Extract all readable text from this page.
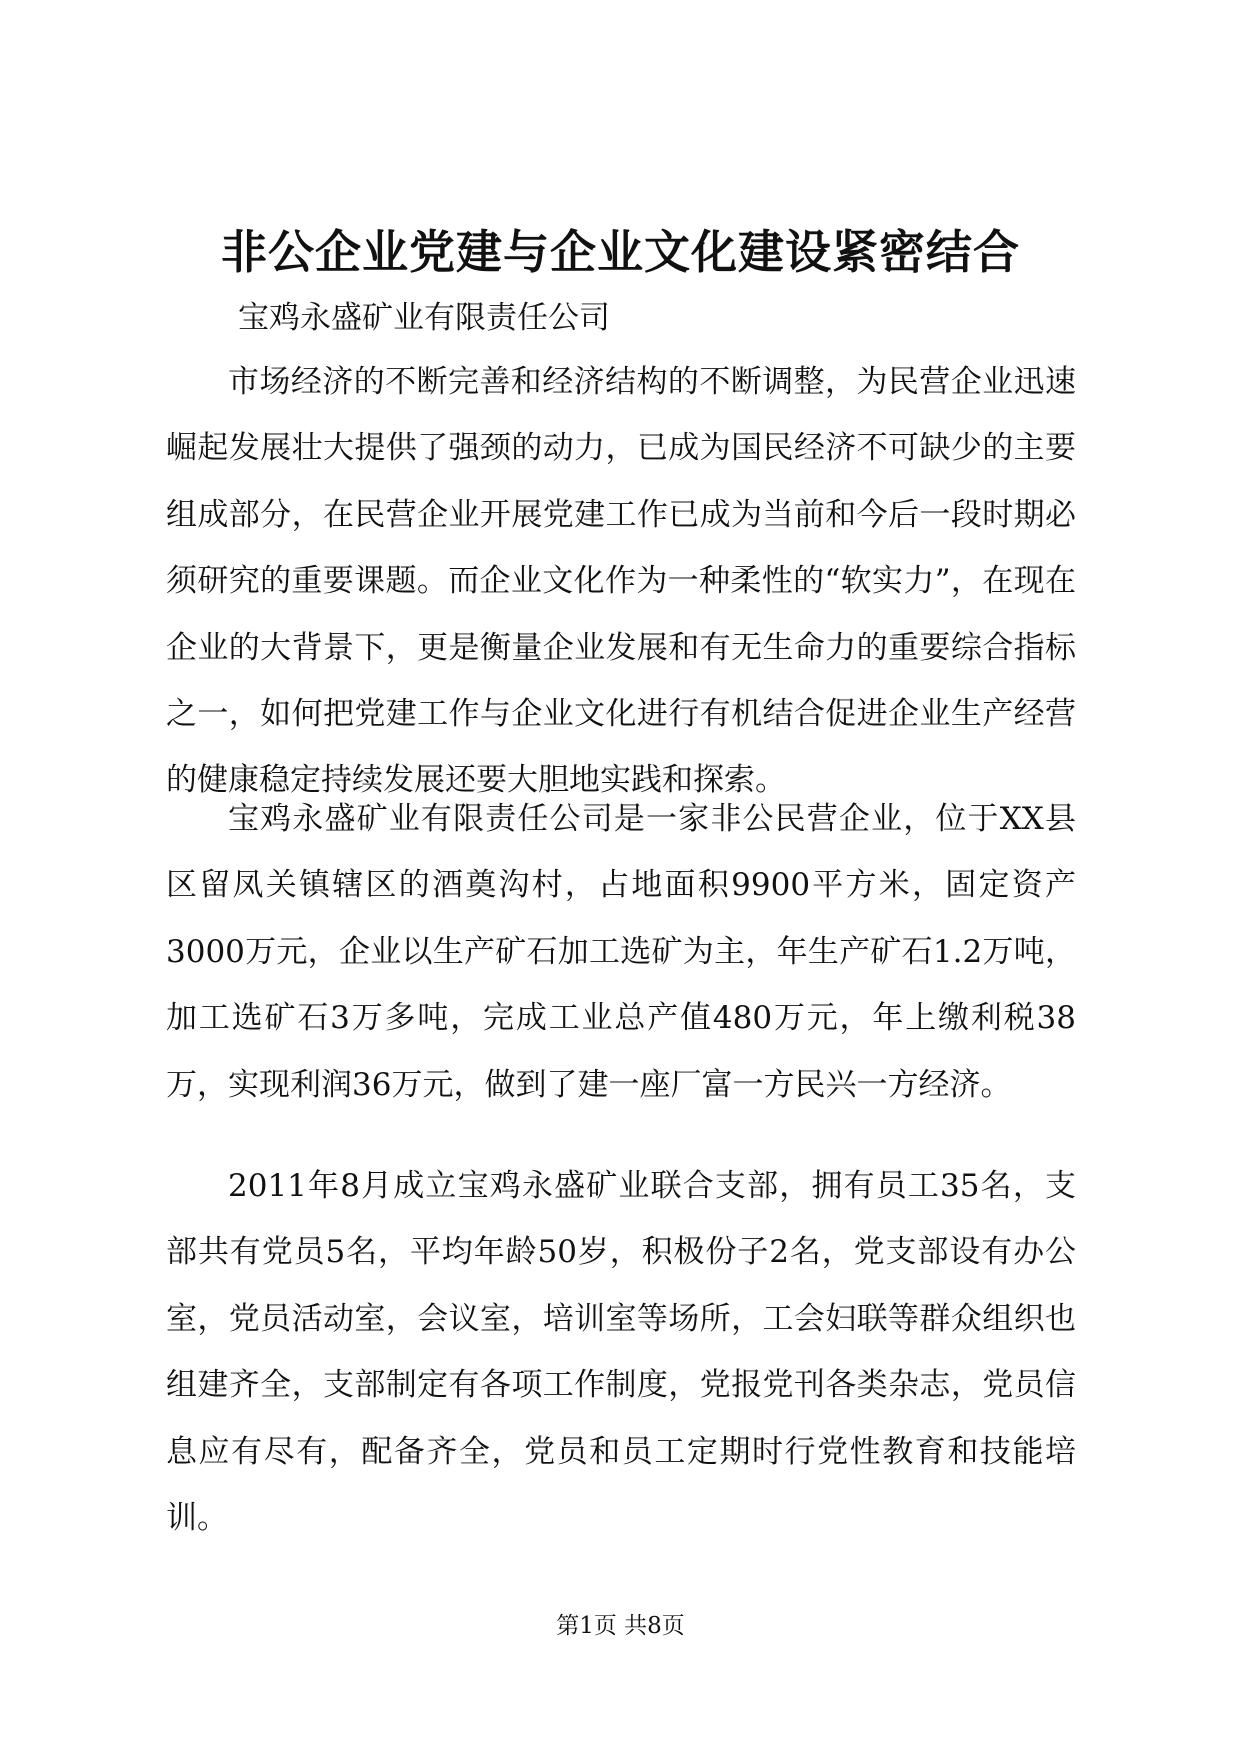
非公企业党建与企业文化建设紧密结合
宝鸡永盛矿业有限责任公司

市场经济的不断完善和经济结构的不断调整，为民营企业迅速崛起发展壮大提供了强颈的动力，已成为国民经济不可缺少的主要组成部分，在民营企业开展党建工作已成为当前和今后一段时期必须研究的重要课题。而企业文化作为一种柔性的“软实力”，在现在企业的大背景下，更是衡量企业发展和有无生命力的重要综合指标之一，如何把党建工作与企业文化进行有机结合促进企业生产经营的健康稳定持续发展还要大胆地实践和探索。

宝鸡永盛矿业有限责任公司是一家非公民营企业，位于XX县区留凤关镇辖区的酒奠沟村，占地面积9900平方米，固定资产3000万元，企业以生产矿石加工选矿为主，年生产矿石1.2万吨，加工选矿石3万多吨，完成工业总产值480万元，年上缴利税38万，实现利润36万元，做到了建一座厂富一方民兴一方经济。

2011年8月成立宝鸡永盛矿业联合支部，拥有员工35名，支部共有党员5名，平均年龄50岁，积极份子2名，党支部设有办公室，党员活动室，会议室，培训室等场所，工会妇联等群众组织也组建齐全，支部制定有各项工作制度，党报党刊各类杂志，党员信息应有尽有，配备齐全，党员和员工定期时行党性教育和技能培训。

第1页 共8页
